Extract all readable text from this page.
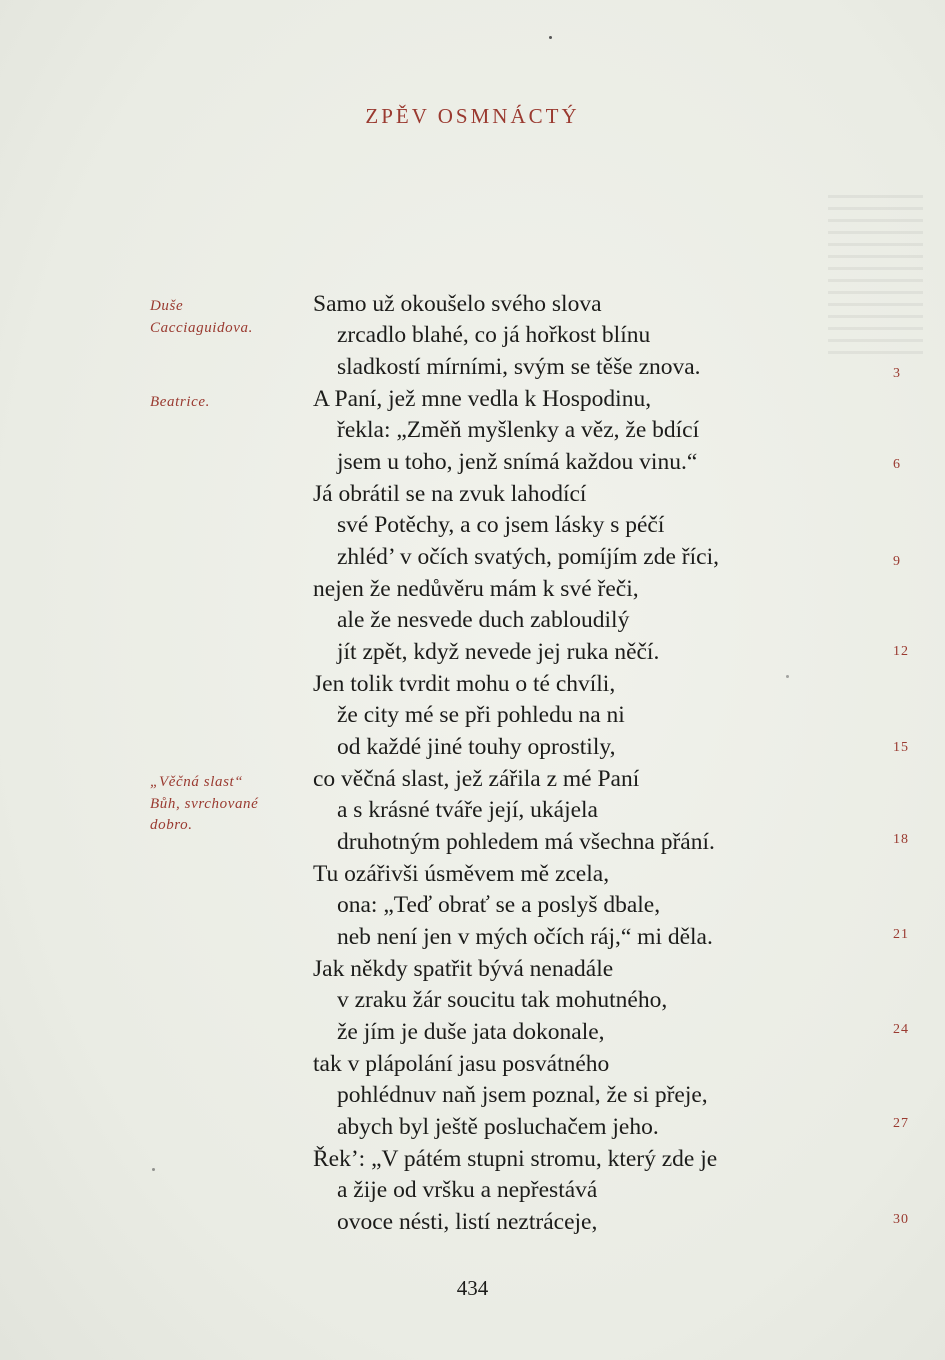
ZPĚV OSMNÁCTÝ
Duše
Cacciaguidova.
Beatrice.
„Věčná slast“
Bůh, svrchované
dobro.
Samo už okoušelo svého slova
zrcadlo blahé, co já hořkost blínu
sladkostí mírními, svým se těše znova.
A Paní, jež mne vedla k Hospodinu,
řekla: „Změň myšlenky a věz, že bdící
jsem u toho, jenž snímá každou vinu.“
Já obrátil se na zvuk lahodící
své Potěchy, a co jsem lásky s péčí
zhléd’ v očích svatých, pomíjím zde říci,
nejen že nedůvěru mám k své řeči,
ale že nesvede duch zabloudilý
jít zpět, když nevede jej ruka něčí.
Jen tolik tvrdit mohu o té chvíli,
že city mé se při pohledu na ni
od každé jiné touhy oprostily,
co věčná slast, jež zářila z mé Paní
a s krásné tváře její, ukájela
druhotným pohledem má všechna přání.
Tu ozářivši úsměvem mě zcela,
ona: „Teď obrať se a poslyš dbale,
neb není jen v mých očích ráj,“ mi děla.
Jak někdy spatřit bývá nenadále
v zraku žár soucitu tak mohutného,
že jím je duše jata dokonale,
tak v plápolání jasu posvátného
pohlédnuv naň jsem poznal, že si přeje,
abych byl ještě posluchačem jeho.
Řek’: „V pátém stupni stromu, který zde je
a žije od vršku a nepřestává
ovoce nésti, listí neztráceje,
3
6
9
12
15
18
21
24
27
30
434
